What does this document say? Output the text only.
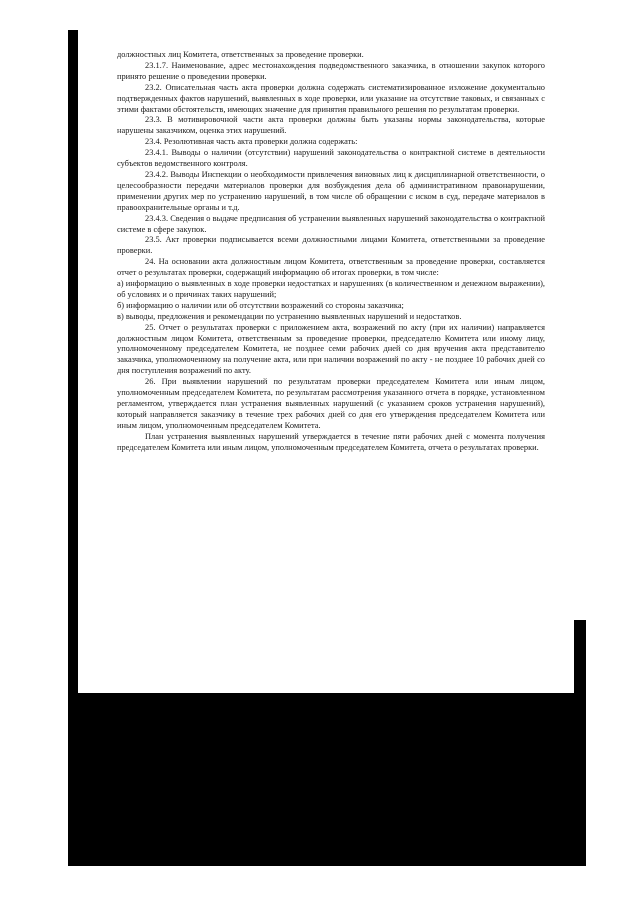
должностных лиц Комитета, ответственных за проведение проверки.

23.1.7. Наименование, адрес местонахождения подведомственного заказчика, в отношении закупок которого принято решение о проведении проверки.

23.2. Описательная часть акта проверки должна содержать систематизированное изложение документально подтвержденных фактов нарушений, выявленных в ходе проверки, или указание на отсутствие таковых, и связанных с этими фактами обстоятельств, имеющих значение для принятия правильного решения по результатам проверки.

23.3. В мотивировочной части акта проверки должны быть указаны нормы законодательства, которые нарушены заказчиком, оценка этих нарушений.

23.4. Резолютивная часть акта проверки должна содержать:

23.4.1. Выводы о наличии (отсутствии) нарушений законодательства о контрактной системе в деятельности субъектов ведомственного контроля.

23.4.2. Выводы Инспекции о необходимости привлечения виновных лиц к дисциплинарной ответственности, о целесообразности передачи материалов проверки для возбуждения дела об административном правонарушении, применении других мер по устранению нарушений, в том числе об обращении с иском в суд, передаче материалов в правоохранительные органы и т.д.

23.4.3. Сведения о выдаче предписания об устранении выявленных нарушений законодательства о контрактной системе в сфере закупок.

23.5. Акт проверки подписывается всеми должностными лицами Комитета, ответственными за проведение проверки.

24. На основании акта должностным лицом Комитета, ответственным за проведение проверки, составляется отчет о результатах проверки, содержащий информацию об итогах проверки, в том числе:

а) информацию о выявленных в ходе проверки недостатках и нарушениях (в количественном и денежном выражении), об условиях и о причинах таких нарушений;

б) информацию о наличии или об отсутствии возражений со стороны заказчика;

в) выводы, предложения и рекомендации по устранению выявленных нарушений и недостатков.

25. Отчет о результатах проверки с приложением акта, возражений по акту (при их наличии) направляется должностным лицом Комитета, ответственным за проведение проверки, председателю Комитета или иному лицу, уполномоченному председателем Комитета, не позднее семи рабочих дней со дня вручения акта представителю заказчика, уполномоченному на получение акта, или при наличии возражений по акту - не позднее 10 рабочих дней со дня поступления возражений по акту.

26. При выявлении нарушений по результатам проверки председателем Комитета или иным лицом, уполномоченным председателем Комитета, по результатам рассмотрения указанного отчета в порядке, установленном регламентом, утверждается план устранения выявленных нарушений (с указанием сроков устранения нарушений), который направляется заказчику в течение трех рабочих дней со дня его утверждения председателем Комитета или иным лицом, уполномоченным председателем Комитета.

План устранения выявленных нарушений утверждается в течение пяти рабочих дней с момента получения председателем Комитета или иным лицом, уполномоченным председателем Комитета, отчета о результатах проверки.
